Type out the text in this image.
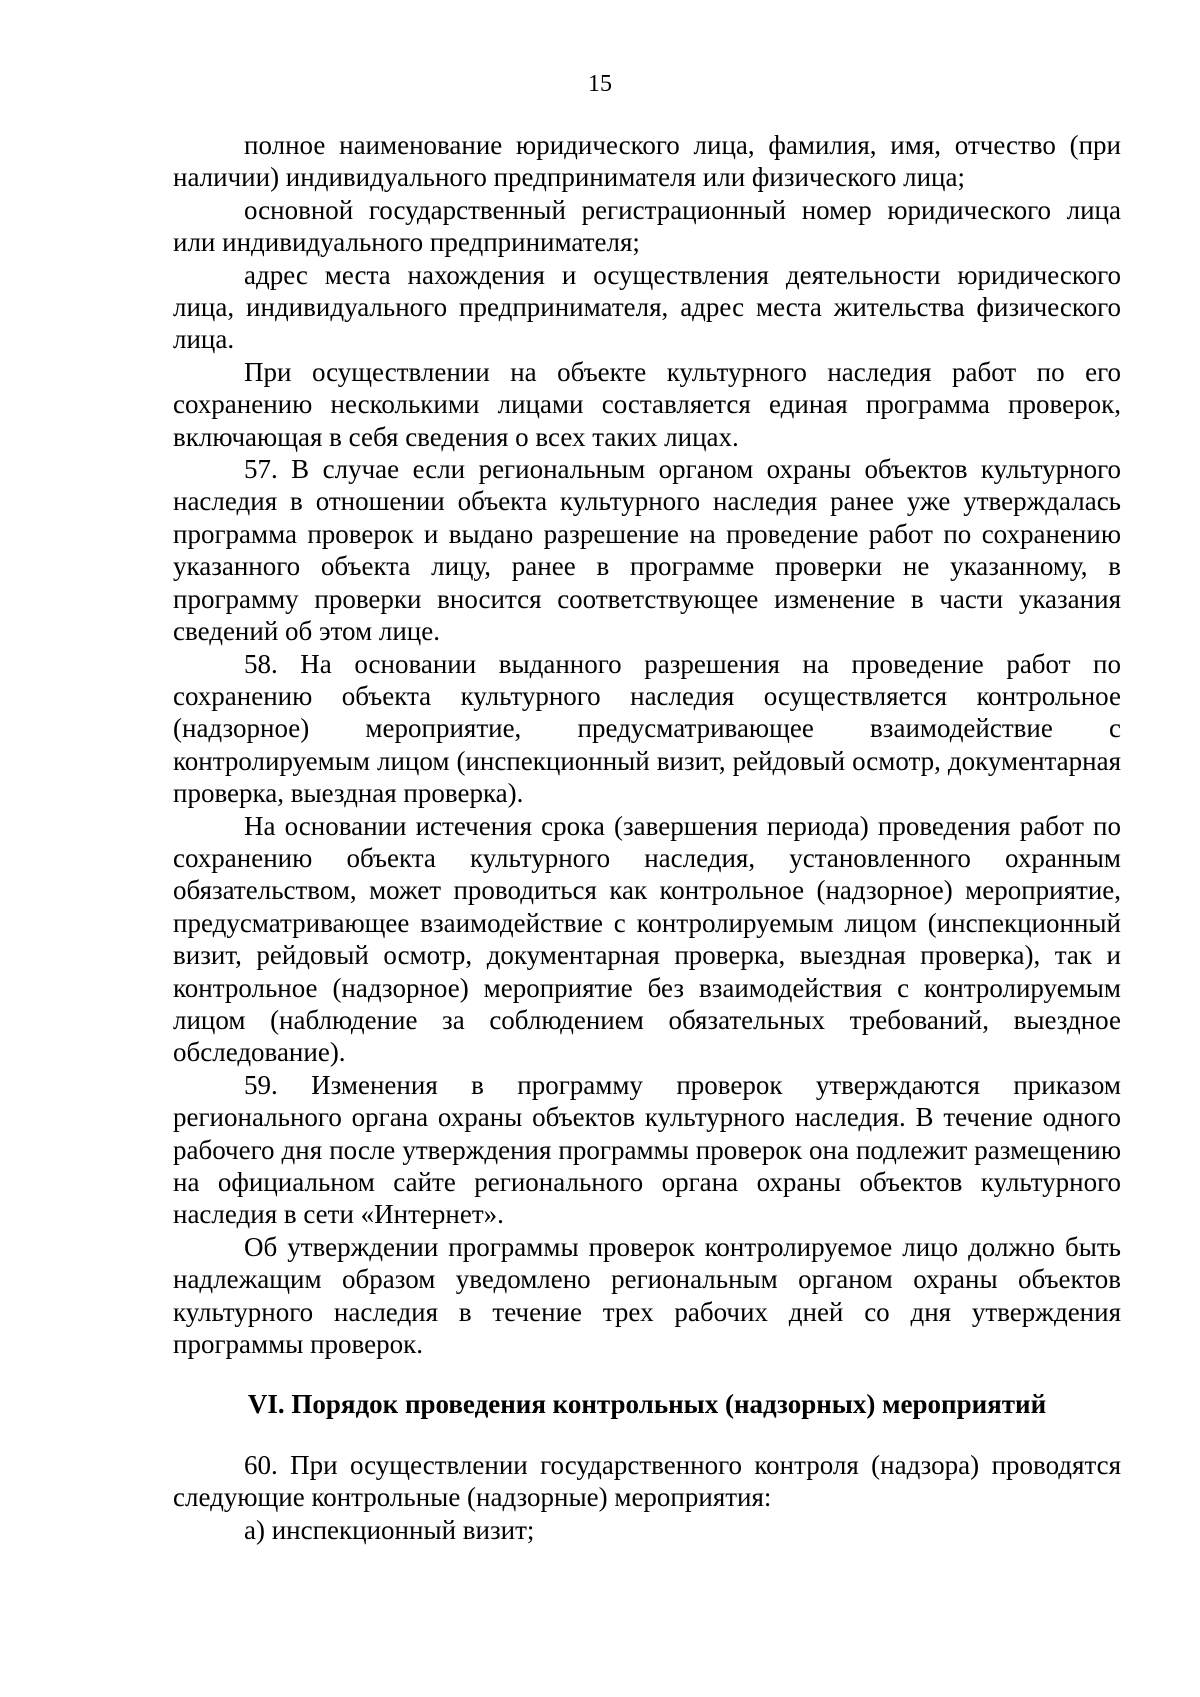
15

полное наименование юридического лица, фамилия, имя, отчество (при наличии) индивидуального предпринимателя или физического лица;

основной государственный регистрационный номер юридического лица или индивидуального предпринимателя;

адрес места нахождения и осуществления деятельности юридического лица, индивидуального предпринимателя, адрес места жительства физического лица.

При осуществлении на объекте культурного наследия работ по его сохранению несколькими лицами составляется единая программа проверок, включающая в себя сведения о всех таких лицах.

57. В случае если региональным органом охраны объектов культурного наследия в отношении объекта культурного наследия ранее уже утверждалась программа проверок и выдано разрешение на проведение работ по сохранению указанного объекта лицу, ранее в программе проверки не указанному, в программу проверки вносится соответствующее изменение в части указания сведений об этом лице.

58. На основании выданного разрешения на проведение работ по сохранению объекта культурного наследия осуществляется контрольное (надзорное) мероприятие, предусматривающее взаимодействие с контролируемым лицом (инспекционный визит, рейдовый осмотр, документарная проверка, выездная проверка).

На основании истечения срока (завершения периода) проведения работ по сохранению объекта культурного наследия, установленного охранным обязательством, может проводиться как контрольное (надзорное) мероприятие, предусматривающее взаимодействие с контролируемым лицом (инспекционный визит, рейдовый осмотр, документарная проверка, выездная проверка), так и контрольное (надзорное) мероприятие без взаимодействия с контролируемым лицом (наблюдение за соблюдением обязательных требований, выездное обследование).

59. Изменения в программу проверок утверждаются приказом регионального органа охраны объектов культурного наследия. В течение одного рабочего дня после утверждения программы проверок она подлежит размещению на официальном сайте регионального органа охраны объектов культурного наследия в сети «Интернет».

Об утверждении программы проверок контролируемое лицо должно быть надлежащим образом уведомлено региональным органом охраны объектов культурного наследия в течение трех рабочих дней со дня утверждения программы проверок.

VI. Порядок проведения контрольных (надзорных) мероприятий

60. При осуществлении государственного контроля (надзора) проводятся следующие контрольные (надзорные) мероприятия:

а) инспекционный визит;
